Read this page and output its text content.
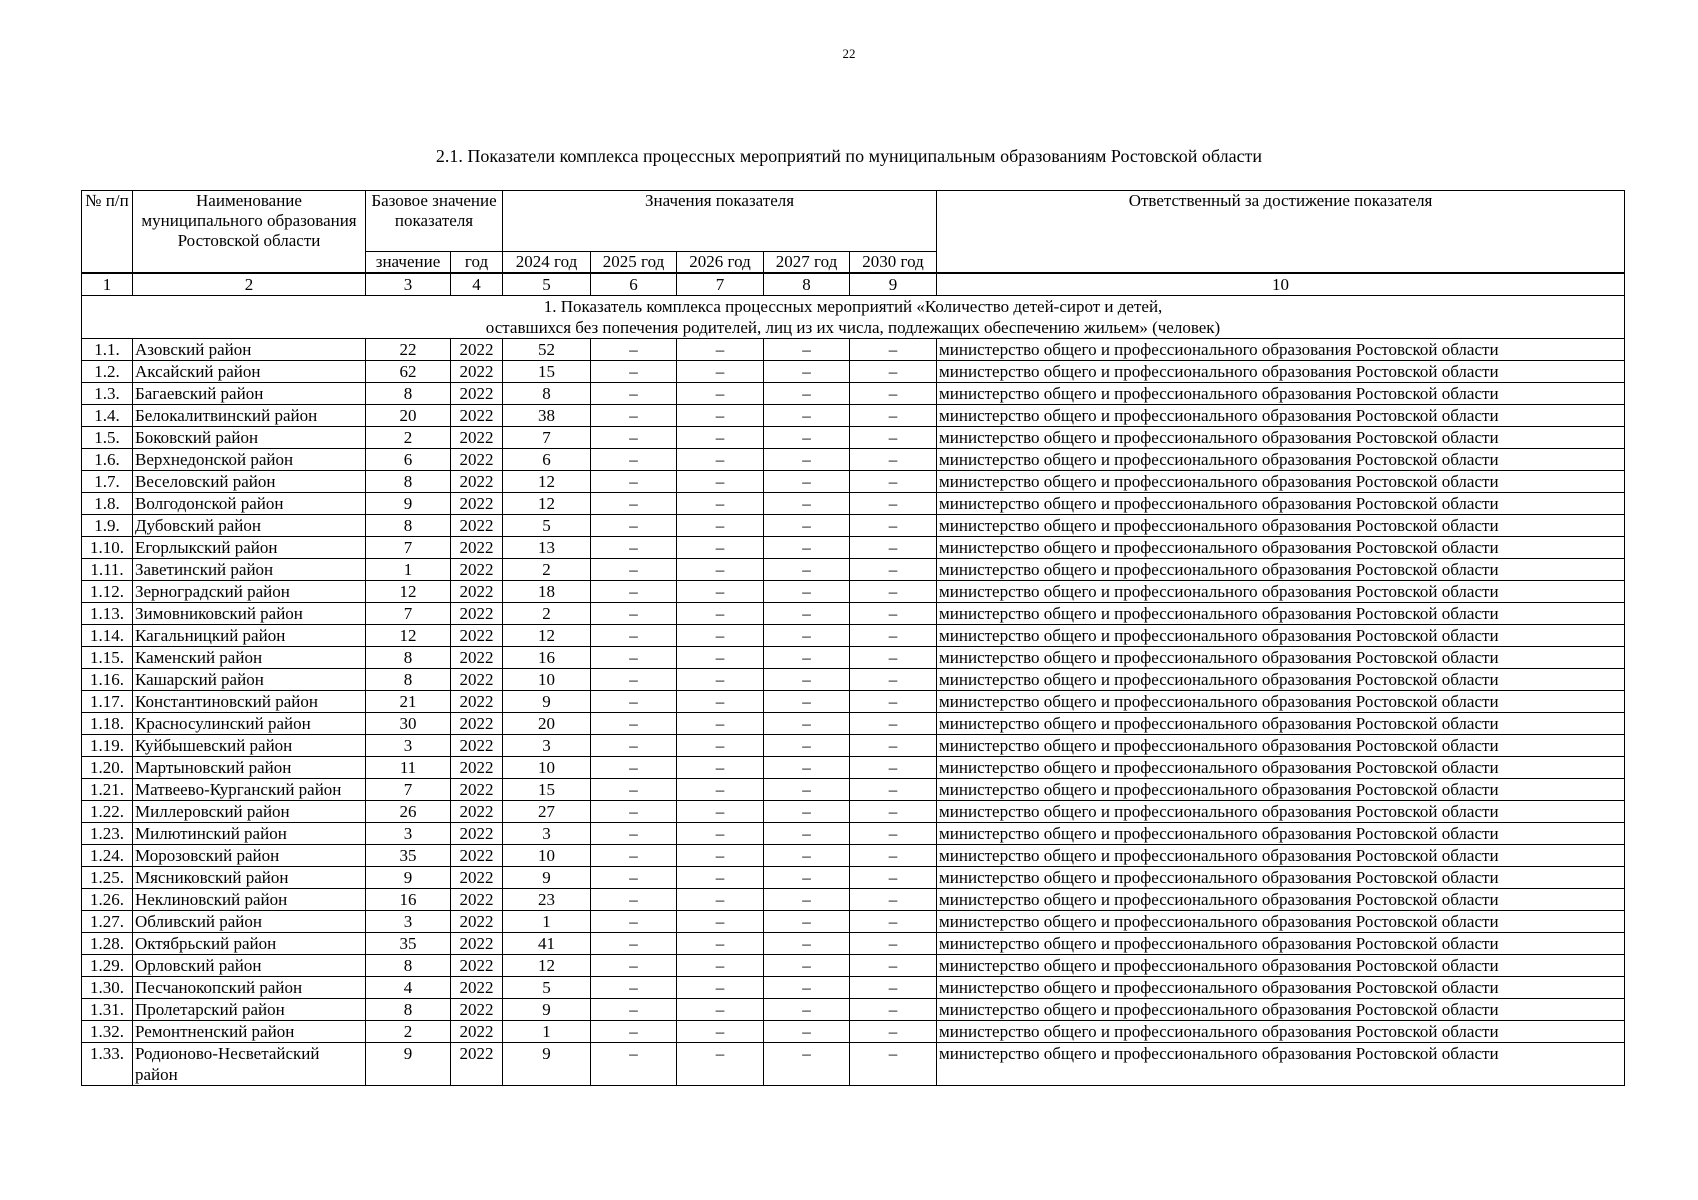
22
2.1. Показатели комплекса процессных мероприятий по муниципальным образованиям Ростовской области
№ п/п	Наименование муниципального образования Ростовской области	Базовое значение показателя		Значения показателя					Ответственный за достижение показателя
		значение	год	2024 год	2025 год	2026 год	2027 год	2030 год	
1	2	3	4	5	6	7	8	9	10

1. Показатель комплекса процессных мероприятий «Количество детей-сирот и детей,
оставшихся без попечения родителей, лиц из их числа, подлежащих обеспечению жильем» (человек)									

1.1.	Азовский район	22	2022	52	–	–	–	–	министерство общего и профессионального образования Ростовской области
1.2.	Аксайский район	62	2022	15	–	–	–	–	министерство общего и профессионального образования Ростовской области
1.3.	Багаевский район	8	2022	8	–	–	–	–	министерство общего и профессионального образования Ростовской области
1.4.	Белокалитвинский район	20	2022	38	–	–	–	–	министерство общего и профессионального образования Ростовской области
1.5.	Боковский район	2	2022	7	–	–	–	–	министерство общего и профессионального образования Ростовской области
1.6.	Верхнедонской район	6	2022	6	–	–	–	–	министерство общего и профессионального образования Ростовской области
1.7.	Веселовский район	8	2022	12	–	–	–	–	министерство общего и профессионального образования Ростовской области
1.8.	Волгодонской район	9	2022	12	–	–	–	–	министерство общего и профессионального образования Ростовской области
1.9.	Дубовский район	8	2022	5	–	–	–	–	министерство общего и профессионального образования Ростовской области
1.10.	Егорлыкский район	7	2022	13	–	–	–	–	министерство общего и профессионального образования Ростовской области
1.11.	Заветинский район	1	2022	2	–	–	–	–	министерство общего и профессионального образования Ростовской области
1.12.	Зерноградский район	12	2022	18	–	–	–	–	министерство общего и профессионального образования Ростовской области
1.13.	Зимовниковский район	7	2022	2	–	–	–	–	министерство общего и профессионального образования Ростовской области
1.14.	Кагальницкий район	12	2022	12	–	–	–	–	министерство общего и профессионального образования Ростовской области
1.15.	Каменский район	8	2022	16	–	–	–	–	министерство общего и профессионального образования Ростовской области
1.16.	Кашарский район	8	2022	10	–	–	–	–	министерство общего и профессионального образования Ростовской области
1.17.	Константиновский район	21	2022	9	–	–	–	–	министерство общего и профессионального образования Ростовской области
1.18.	Красносулинский район	30	2022	20	–	–	–	–	министерство общего и профессионального образования Ростовской области
1.19.	Куйбышевский район	3	2022	3	–	–	–	–	министерство общего и профессионального образования Ростовской области
1.20.	Мартыновский район	11	2022	10	–	–	–	–	министерство общего и профессионального образования Ростовской области
1.21.	Матвеево-Курганский район	7	2022	15	–	–	–	–	министерство общего и профессионального образования Ростовской области
1.22.	Миллеровский район	26	2022	27	–	–	–	–	министерство общего и профессионального образования Ростовской области
1.23.	Милютинский район	3	2022	3	–	–	–	–	министерство общего и профессионального образования Ростовской области
1.24.	Морозовский район	35	2022	10	–	–	–	–	министерство общего и профессионального образования Ростовской области
1.25.	Мясниковский район	9	2022	9	–	–	–	–	министерство общего и профессионального образования Ростовской области
1.26.	Неклиновский район	16	2022	23	–	–	–	–	министерство общего и профессионального образования Ростовской области
1.27.	Обливский район	3	2022	1	–	–	–	–	министерство общего и профессионального образования Ростовской области
1.28.	Октябрьский район	35	2022	41	–	–	–	–	министерство общего и профессионального образования Ростовской области
1.29.	Орловский район	8	2022	12	–	–	–	–	министерство общего и профессионального образования Ростовской области
1.30.	Песчанокопский район	4	2022	5	–	–	–	–	министерство общего и профессионального образования Ростовской области
1.31.	Пролетарский район	8	2022	9	–	–	–	–	министерство общего и профессионального образования Ростовской области
1.32.	Ремонтненский район	2	2022	1	–	–	–	–	министерство общего и профессионального образования Ростовской области
1.33.	Родионово-Несветайский район	9	2022	9	–	–	–	–	министерство общего и профессионального образования Ростовской области
